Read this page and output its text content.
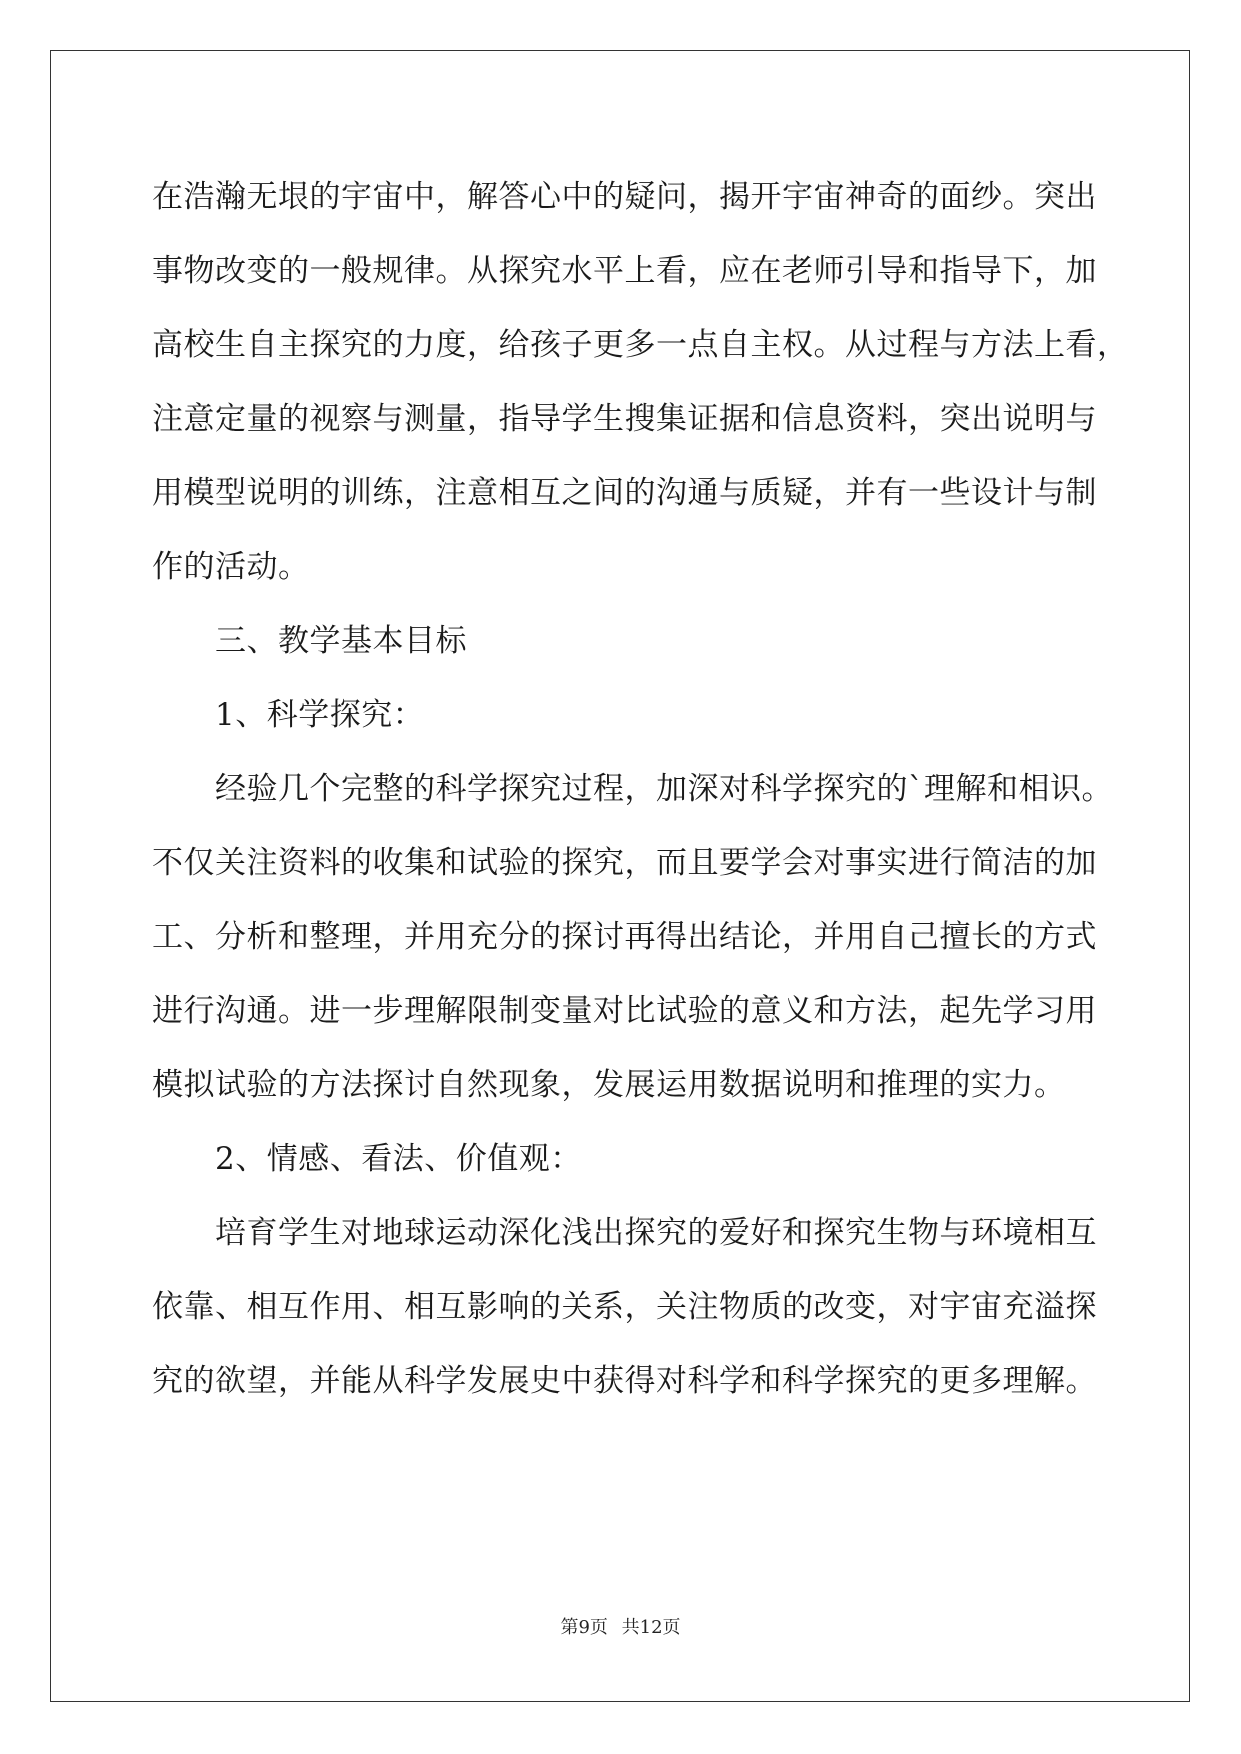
在浩瀚无垠的宇宙中，解答心中的疑问，揭开宇宙神奇的面纱。突出
事物改变的一般规律。从探究水平上看，应在老师引导和指导下，加
高校生自主探究的力度，给孩子更多一点自主权。从过程与方法上看，
注意定量的视察与测量，指导学生搜集证据和信息资料，突出说明与
用模型说明的训练，注意相互之间的沟通与质疑，并有一些设计与制
作的活动。
三、教学基本目标
1、科学探究：
经验几个完整的科学探究过程，加深对科学探究的`理解和相识。
不仅关注资料的收集和试验的探究，而且要学会对事实进行简洁的加
工、分析和整理，并用充分的探讨再得出结论，并用自己擅长的方式
进行沟通。进一步理解限制变量对比试验的意义和方法，起先学习用
模拟试验的方法探讨自然现象，发展运用数据说明和推理的实力。
2、情感、看法、价值观：
培育学生对地球运动深化浅出探究的爱好和探究生物与环境相互
依靠、相互作用、相互影响的关系，关注物质的改变，对宇宙充溢探
究的欲望，并能从科学发展史中获得对科学和科学探究的更多理解。
第9页 共12页
